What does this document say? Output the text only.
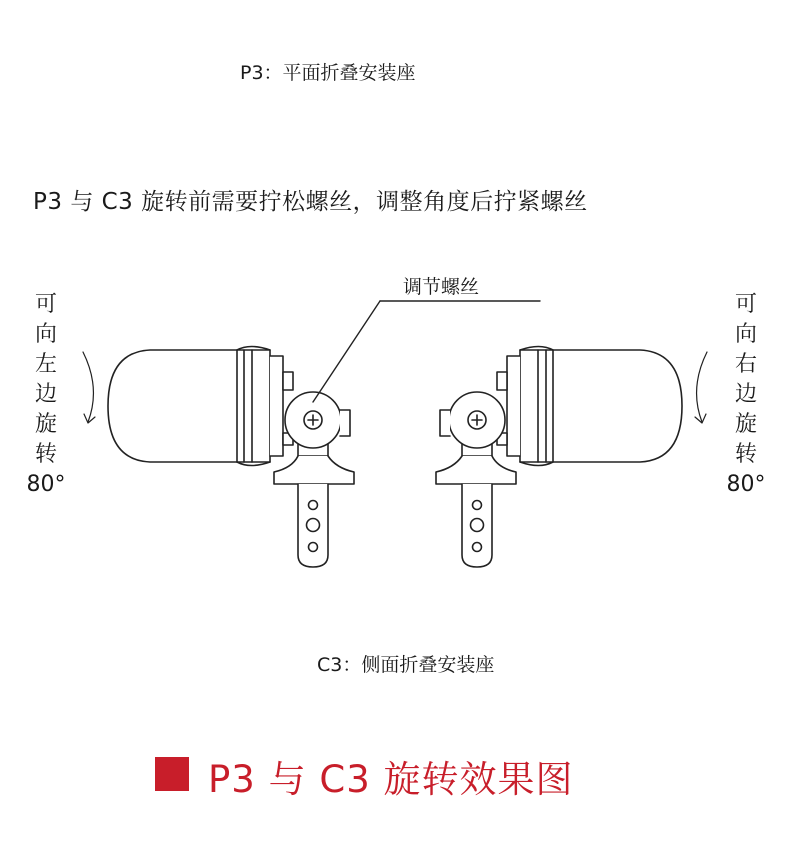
P3：平面折叠安装座
P3 与 C3 旋转前需要拧松螺丝，调整角度后拧紧螺丝
调节螺丝
可
向
左
边
旋
转
80°
可
向
右
边
旋
转
80°
C3：侧面折叠安装座
P3 与 C3 旋转效果图
